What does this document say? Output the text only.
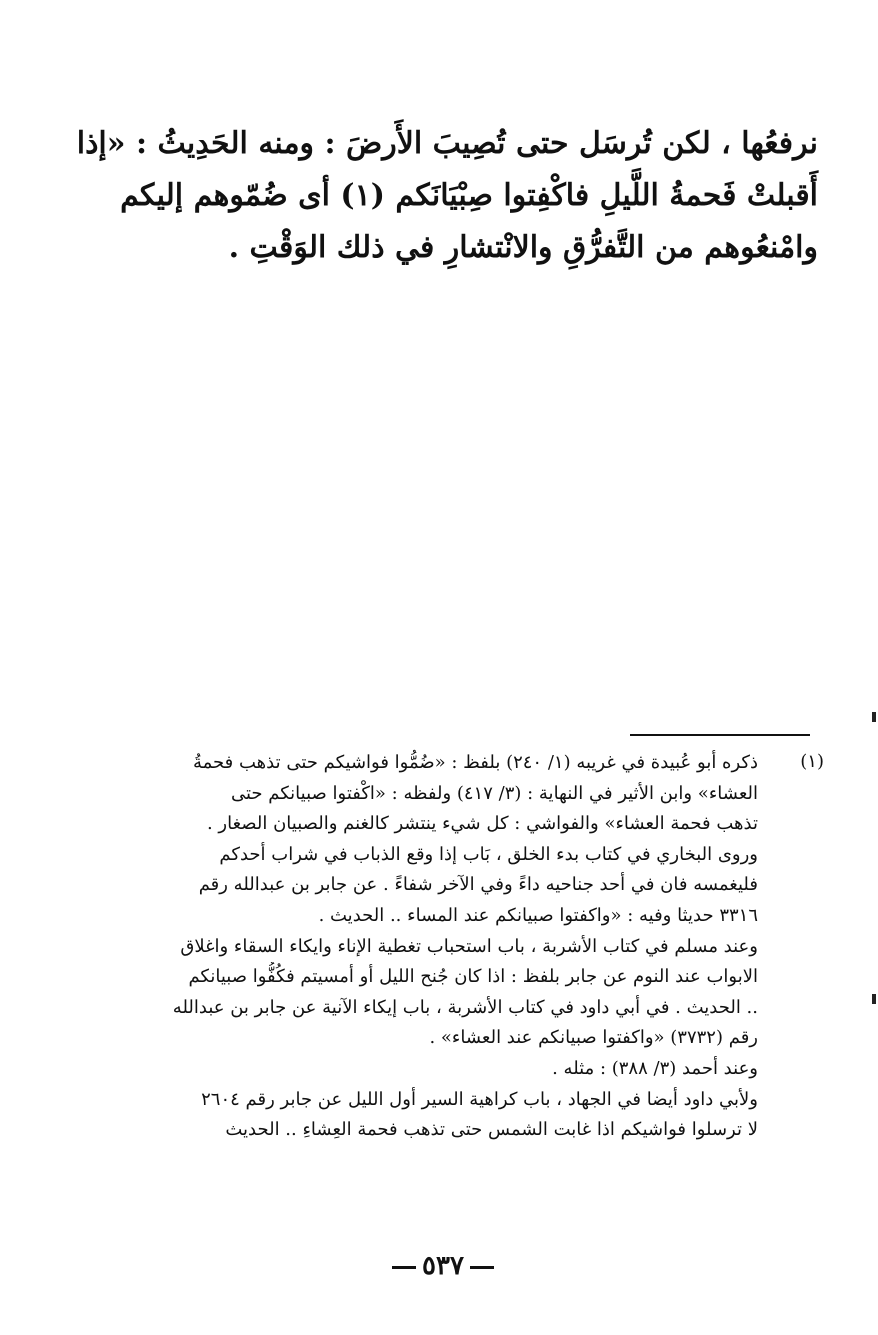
نرفعُها ، لكن تُرسَل حتى تُصِيبَ الأَرضَ : ومنه الحَدِيثُ : «إذا
أَقبلتْ فَحمةُ اللَّيلِ فاكْفِتوا صِبْيَانَكم (١) أى ضُمّوهم إليكم
وامْنعُوهم من التَّفرُّقِ والانْتشارِ في ذلك الوَقْتِ .
(١)
ذكره أبو عُبيدة في غريبه (١/ ٢٤٠) بلفظ : «ضُمُّوا فواشيكم حتى تذهب فحمةُ
العشاء» وابن الأثير في النهاية : (٣/ ٤١٧) ولفظه : «اكْفتوا صبيانكم حتى
تذهب فحمة العشاء» والفواشي : كل شيء ينتشر كالغنم والصبيان الصغار .
وروى البخاري في كتاب بدء الخلق ، بَاب إذا وقع الذباب في شراب أحدكم
فليغمسه فان في أحد جناحيه داءً وفي الآخر شفاءً . عن جابر بن عبدالله رقم
٣٣١٦ حديثا وفيه : «واكفتوا صبيانكم عند المساء .. الحديث .
وعند مسلم في كتاب الأشربة ، باب استحباب تغطية الإناء وايكاء السقاء واغلاق
الابواب عند النوم عن جابر بلفظ : اذا كان جُنح الليل أو أمسيتم فكُفُّوا صبيانكم
.. الحديث . في أبي داود في كتاب الأشربة ، باب إيكاء الآنية عن جابر بن عبدالله
رقم (٣٧٣٢) «واكفتوا صبيانكم عند العشاء» .
وعند أحمد (٣/ ٣٨٨) : مثله .
ولأبي داود أيضا في الجهاد ، باب كراهية السير أول الليل عن جابر رقم ٢٦٠٤
لا ترسلوا فواشيكم اذا غابت الشمس حتى تذهب فحمة العِشاءِ .. الحديث
٥٣٧
